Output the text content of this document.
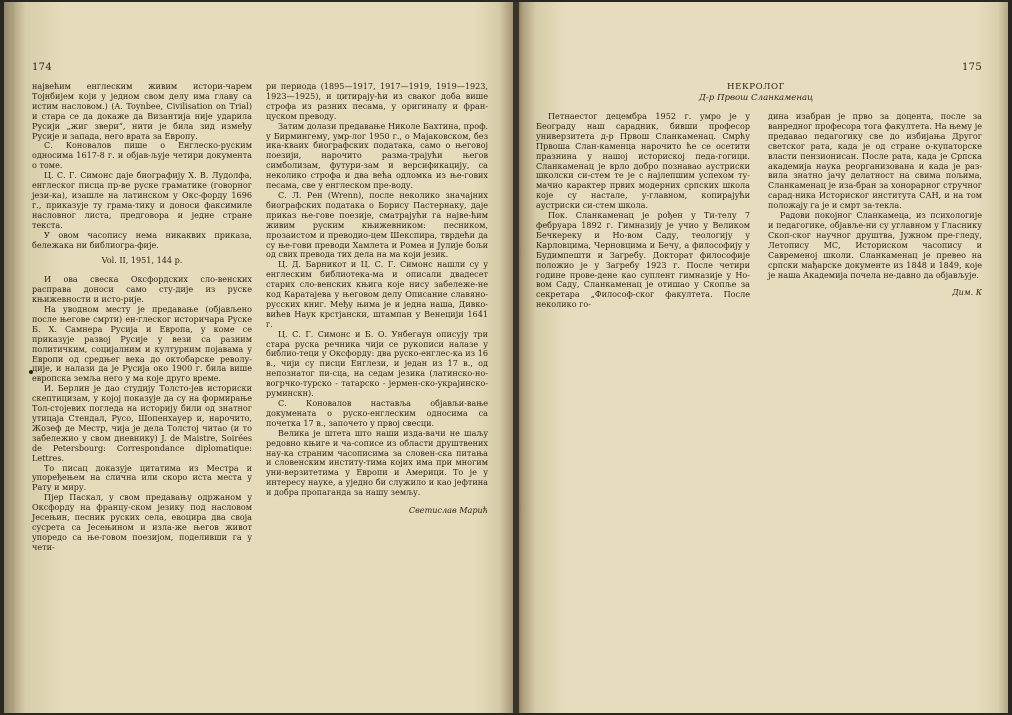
174

највећим енглеским живим истори-чарем Тојнбијем који у једном свом делу има главу са истим насловом.) (A. Toynbee, Civilisation on Trial) и стара се да докаже да Византија није ударила Русији „жиг звери“, нити је била зид између Русије и запада, него врата за Европу.

С. Коновалов пише о Енглеско-руским односима 1617-8 г. и објав-љује четири документа о томе.

Ц. С. Г. Симонс даје биографију Х. В. Лудолфа, енглеског писца пр-ве руске граматике (говорног јези-ка), изашле на латинском у Окс-форду 1696 г., приказује ту грама-тику и доноси факсимиле насловног листа, предговора и једне стране текста.

У овом часопису нема никаквих приказа, бележака ни библиогра-фије.

Vol. II, 1951, 144 р.

И ова свеска Оксфордских сло-венских расправа доноси само сту-дије из руске књижевности и исто-рије.

На уводном месту је предавање (објављено после његове смрти) ен-глеског историчара Руске Б. Х. Самнера Русија и Европа, у коме се приказује развој Русије у вези са разним политичким, социјалним и културним појавама у Европи од средњег века до октобарске револу-ције, и налази да је Русија око 1900 г. била више европска земља него у ма које друго време.

И. Берлин је дао студију Толсто-јев историски скептицизам, у којој показује да су на формирање Тол-стојевих погледа на историју били од знатног утицаја Стендал, Русо, Шопенхауер и, нарочито, Жозеф де Местр, чија је дела Толстој читао (и то забележио у свом дневнику) J. de Maistre, Soirées de Petersbourg: Correspondance diplomatique: Lettres.

То писац доказује цитатима из Местра и упоређењем на слична или скоро иста места у Рату и миру.

Пјер Паскал, у свом предавању одржаном у Оксфорду на францу-ском језику под насловом Јесењин, песник руских села, евоцира два своја сусрета са Јесењином и изла-же његов живот упоредо са ње-говом поезијом, поделивши га у чети-

ри периода (1895—1917, 1917—1919, 1919—1923, 1923—1925), и цитирају-ћи из сваког доба више строфа из разних песама, у оригиналу и фран-цуском преводу.

Затим долази предавање Николе Бахтина, проф. у Бирмингему, умр-лог 1950 г., о Мајаковском, без ика-кваих биографских података, само о његовој поезији, нарочито разма-трајући његов симболизам, футури-зам и версификацију, са неколико строфа и два већа одломка из ње-гових песама, све у енглеском пре-воду.

С. Л. Рен (Wrenn), после неколико значајних биографских података о Борису Пастернаку, даје приказ ње-гове поезије, сматрајући га најве-ћим живим руским књижевником: песником, прозаистом и преводио-цем Шекспира, тврдећи да су ње-гови преводи Хамлета и Ромеа и Јулије бољи од свих превода тих дела на ма који језик.

Ц. Д. Барникот и Ц. С. Г. Симонс нашли су у енглеским библиотека-ма и описали двадесет старих сло-венских књига које нису забележе-не код Каратајева у његовом делу Описание славяно-русских книг. Међу њима је и једна наша, Дивко-вићев Наук крстјански, штампан у Венецији 1641 г.

Ц. С. Г. Симонс и Б. О. Унбегаун описују три стара руска речника чији се рукописи налазе у библио-теци у Оксфорду: два руско-енглес-ка из 16 в., чији су писци Енглези, и један из 17 в., од непознатог пи-сца, на седам језика (латинско-но-вогрчко-турско - татарско - јермен-ско-украјинско-руминскн).

С. Коновалов наставља објављи-вање докумената о руско-енглеским односима са почетка 17 в., започето у првој свесци.

Велика је штета што наши изда-вачи не шаљу редовно књиге и ча-сописе из области друштвених нау-ка страним часописима за словен-ска питања и словенским институ-тима којих има при многим уни-верзитетима у Европи и Америци. То је у интересу науке, а уједно би служило и као јефтина и добра пропаганда за нашу земљу.

Светислав Марић

175
НЕКРОЛОГ
Д-р Првош Сланкаменац

Петнаестог децембра 1952 г. умро је у Београду наш сарадник, бивши професор универзитета д-р Првош Сланкаменац. Смрћу Првоша Слан-каменца нарочито ће се осетити празнина у нашој историској педа-гогици. Сланкаменац је врло добро познавао аустриски школски си-стем те је с најлепшим успехом ту-мачио карактер првих модерних српских школа које су настале, у-главном, копирајући аустриски си-стем школа.

Пок. Сланкаменац је рођен у Ти-телу 7 фебруара 1892 г. Гимназију је учио у Великом Бечкереку и Но-вом Саду, теологију у Карловцима, Черновцима и Бечу, а философију у Будимпешти и Загребу. Докторат философије положио је у Загребу 1923 г. После четири године прове-дене као суплент гимназије у Но-вом Саду, Сланкаменац је отишао у Скопље за секретара „Философ-ског факултета. После неколико го-

дина изабран је прво за доцента, после за ванредног професора тога факултета. На њему је предавао педагогику све до избијања Другог светског рата, када је од стране о-купаторске власти пензионисан. После рата, када је Српска академија наука реорганизована и када је раз-вила знатно јачу делатност на свима пољима, Сланкаменац је иза-бран за хонорарног стручног сарад-ника Историског института САН, и на том положају га је и смрт за-текла.

Радови покојног Сланкамеца, из психологије и педагогике, објавље-ни су углавном у Гласнику Скоп-ског научног друштва, Јужном пре-гледу, Летопису МС, Историском часопису и Савременој школи. Сланкаменац је превео на српски мађарске документе из 1848 и 1849, које је наша Академија почела не-давно да објављује.

Дим. К
